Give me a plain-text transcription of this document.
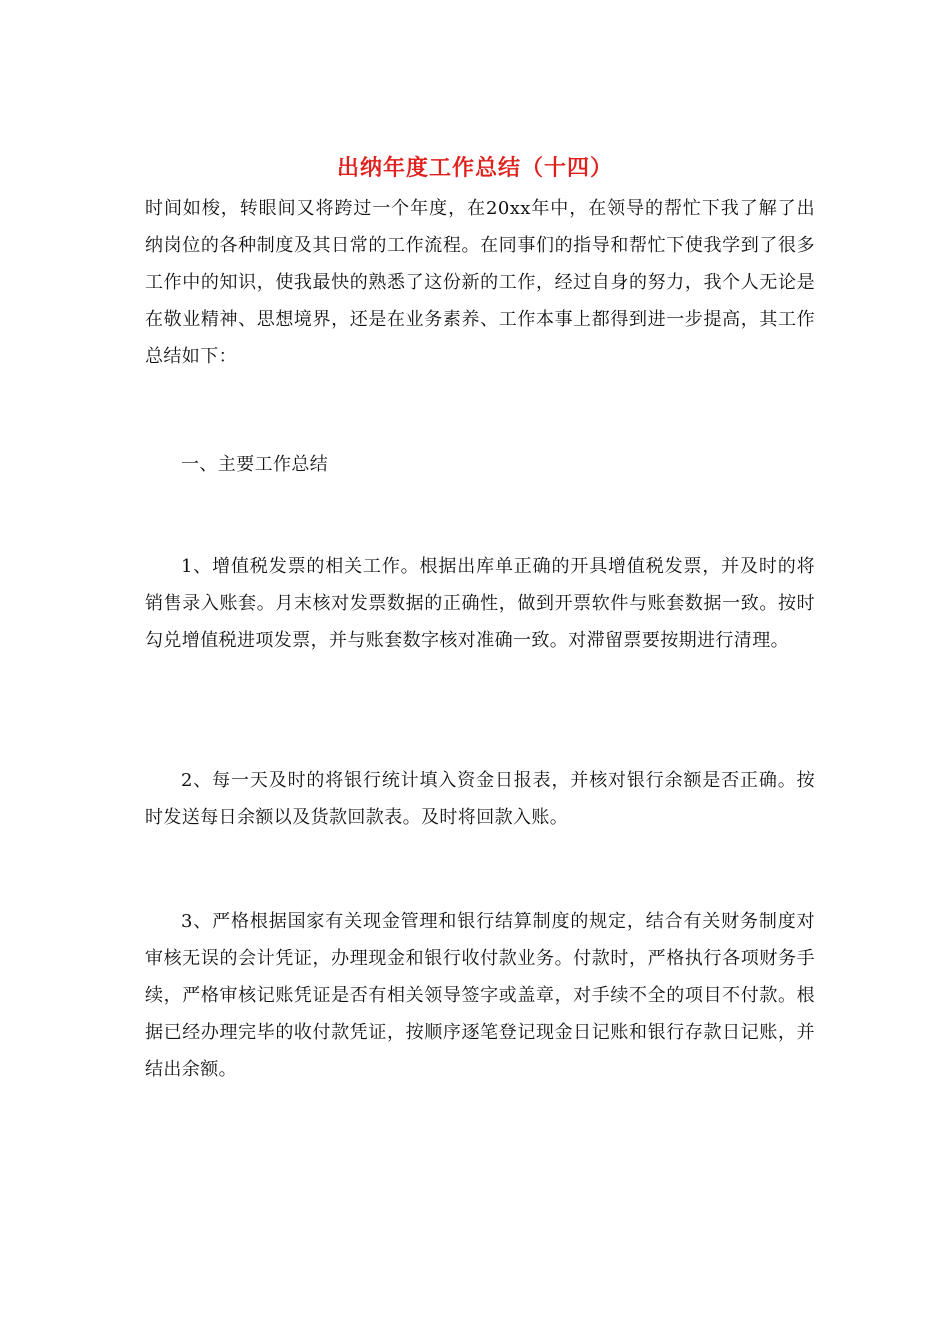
出纳年度工作总结（十四）

时间如梭，转眼间又将跨过一个年度，在20xx年中，在领导的帮忙下我了解了出纳岗位的各种制度及其日常的工作流程。在同事们的指导和帮忙下使我学到了很多工作中的知识，使我最快的熟悉了这份新的工作，经过自身的努力，我个人无论是在敬业精神、思想境界，还是在业务素养、工作本事上都得到进一步提高，其工作总结如下：

一、主要工作总结

1、增值税发票的相关工作。根据出库单正确的开具增值税发票，并及时的将销售录入账套。月末核对发票数据的正确性，做到开票软件与账套数据一致。按时勾兑增值税进项发票，并与账套数字核对准确一致。对滞留票要按期进行清理。

2、每一天及时的将银行统计填入资金日报表，并核对银行余额是否正确。按时发送每日余额以及货款回款表。及时将回款入账。

3、严格根据国家有关现金管理和银行结算制度的规定，结合有关财务制度对审核无误的会计凭证，办理现金和银行收付款业务。付款时，严格执行各项财务手续，严格审核记账凭证是否有相关领导签字或盖章，对手续不全的项目不付款。根据已经办理完毕的收付款凭证，按顺序逐笔登记现金日记账和银行存款日记账，并结出余额。
